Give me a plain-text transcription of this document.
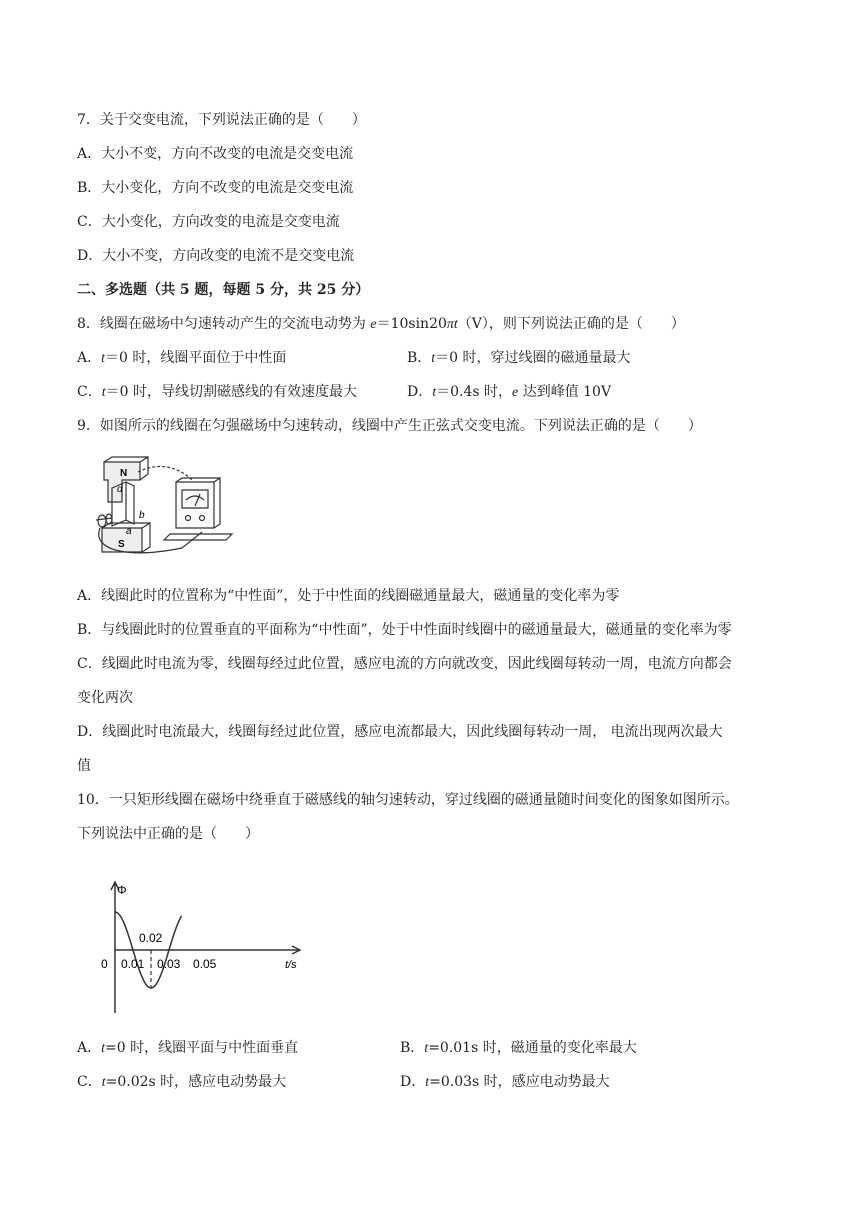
7．关于交变电流，下列说法正确的是（　　）
A．大小不变，方向不改变的电流是交变电流
B．大小变化，方向不改变的电流是交变电流
C．大小变化，方向改变的电流是交变电流
D．大小不变，方向改变的电流不是交变电流
二、多选题（共 5 题，每题 5 分，共 25 分）
8．线圈在磁场中匀速转动产生的交流电动势为 e＝10sin20πt（V），则下列说法正确的是（　　）
A．t＝0 时，线圈平面位于中性面	B．t＝0 时，穿过线圈的磁通量最大
C．t＝0 时，导线切割磁感线的有效速度最大	D．t＝0.4s 时，e 达到峰值 10V
9．如图所示的线圈在匀强磁场中匀速转动，线圈中产生正弦式交变电流。下列说法正确的是（　　）
N
S
d
b
a
A．线圈此时的位置称为“中性面”，处于中性面的线圈磁通量最大，磁通量的变化率为零
B．与线圈此时的位置垂直的平面称为“中性面”，处于中性面时线圈中的磁通量最大，磁通量的变化率为零
C．线圈此时电流为零，线圈每经过此位置，感应电流的方向就改变，因此线圈每转动一周，电流方向都会
变化两次
D．线圈此时电流最大，线圈每经过此位置，感应电流都最大，因此线圈每转动一周， 电流出现两次最大
值
10．一只矩形线圈在磁场中绕垂直于磁感线的轴匀速转动，穿过线圈的磁通量随时间变化的图象如图所示。
下列说法中正确的是（　　）
Φ
t/s
0 0.01
0.02
0.03 0.05
A．t=0 时，线圈平面与中性面垂直	B．t=0.01s 时，磁通量的变化率最大
C．t=0.02s 时，感应电动势最大	D．t=0.03s 时，感应电动势最大
